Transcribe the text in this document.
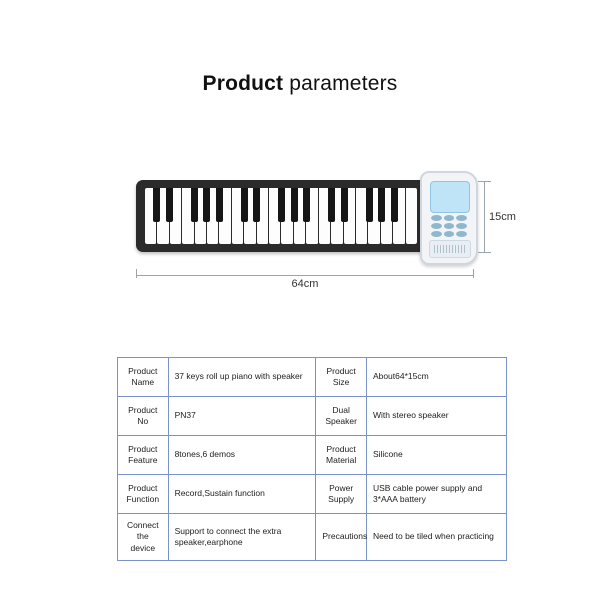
Product parameters
64cm
15cm
Product
Name
	37 keys roll up piano with speaker	
Product
Size
	About64*15cm

Product
No
	PN37	
Dual
Speaker
	With stereo speaker

Product
Feature
	8tones,6 demos	
Product
Material
	Silicone

Product
Function
	Record,Sustain function	
Power
Supply
	USB cable power supply and 3*AAA battery

Connect
the device	Support to connect the extra speaker,earphone	Precautions	Need to be tiled when practicing
